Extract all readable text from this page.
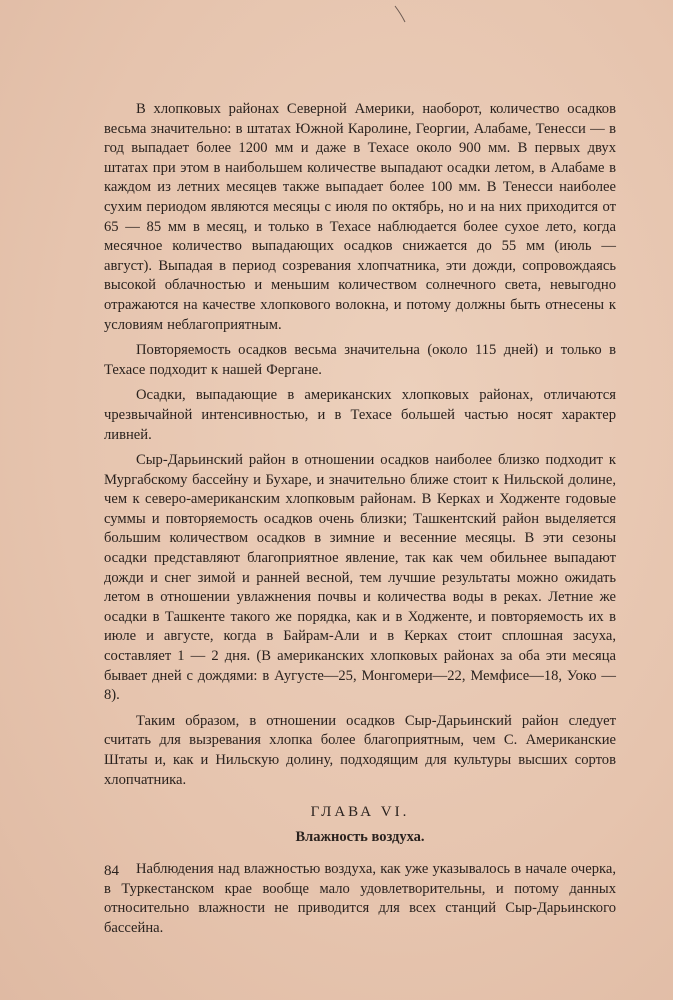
В хлопковых районах Северной Америки, наоборот, количество осадков весьма значительно: в штатах Южной Каролине, Георгии, Алабаме, Тенесси — в год выпадает более 1200 мм и даже в Техасе около 900 мм. В первых двух штатах при этом в наибольшем количестве выпадают осадки летом, в Алабаме в каждом из летних месяцев также выпадает более 100 мм. В Тенесси наиболее сухим периодом являются месяцы с июля по октябрь, но и на них приходится от 65 — 85 мм в месяц, и только в Техасе наблюдается более сухое лето, когда месячное количество выпадающих осадков снижается до 55 мм (июль — август). Выпадая в период созревания хлопчатника, эти дожди, сопровождаясь высокой облачностью и меньшим количеством солнечного света, невыгодно отражаются на качестве хлопкового волокна, и потому должны быть отнесены к условиям неблагоприятным.

Повторяемость осадков весьма значительна (около 115 дней) и только в Техасе подходит к нашей Фергане.

Осадки, выпадающие в американских хлопковых районах, отличаются чрезвычайной интенсивностью, и в Техасе большей частью носят характер ливней.

Сыр-Дарьинский район в отношении осадков наиболее близко подходит к Мургабскому бассейну и Бухаре, и значительно ближе стоит к Нильской долине, чем к северо-американским хлопковым районам. В Керках и Ходженте годовые суммы и повторяемость осадков очень близки; Ташкентский район выделяется большим количеством осадков в зимние и весенние месяцы. В эти сезоны осадки представляют благоприятное явление, так как чем обильнее выпадают дожди и снег зимой и ранней весной, тем лучшие результаты можно ожидать летом в отношении увлажнения почвы и количества воды в реках. Летние же осадки в Ташкенте такого же порядка, как и в Ходженте, и повторяемость их в июле и августе, когда в Байрам-Али и в Керках стоит сплошная засуха, составляет 1 — 2 дня. (В американских хлопковых районах за оба эти месяца бывает дней с дождями: в Аугусте—25, Монгомери—22, Мемфисе—18, Уоко — 8).

Таким образом, в отношении осадков Сыр-Дарьинский район следует считать для вызревания хлопка более благоприятным, чем С. Американские Штаты и, как и Нильскую долину, подходящим для культуры высших сортов хлопчатника.

ГЛАВА VI.
Влажность воздуха.

Наблюдения над влажностью воздуха, как уже указывалось в начале очерка, в Туркестанском крае вообще мало удовлетворительны, и потому данных относительно влажности не приводится для всех станций Сыр-Дарьинского бассейна.

84
